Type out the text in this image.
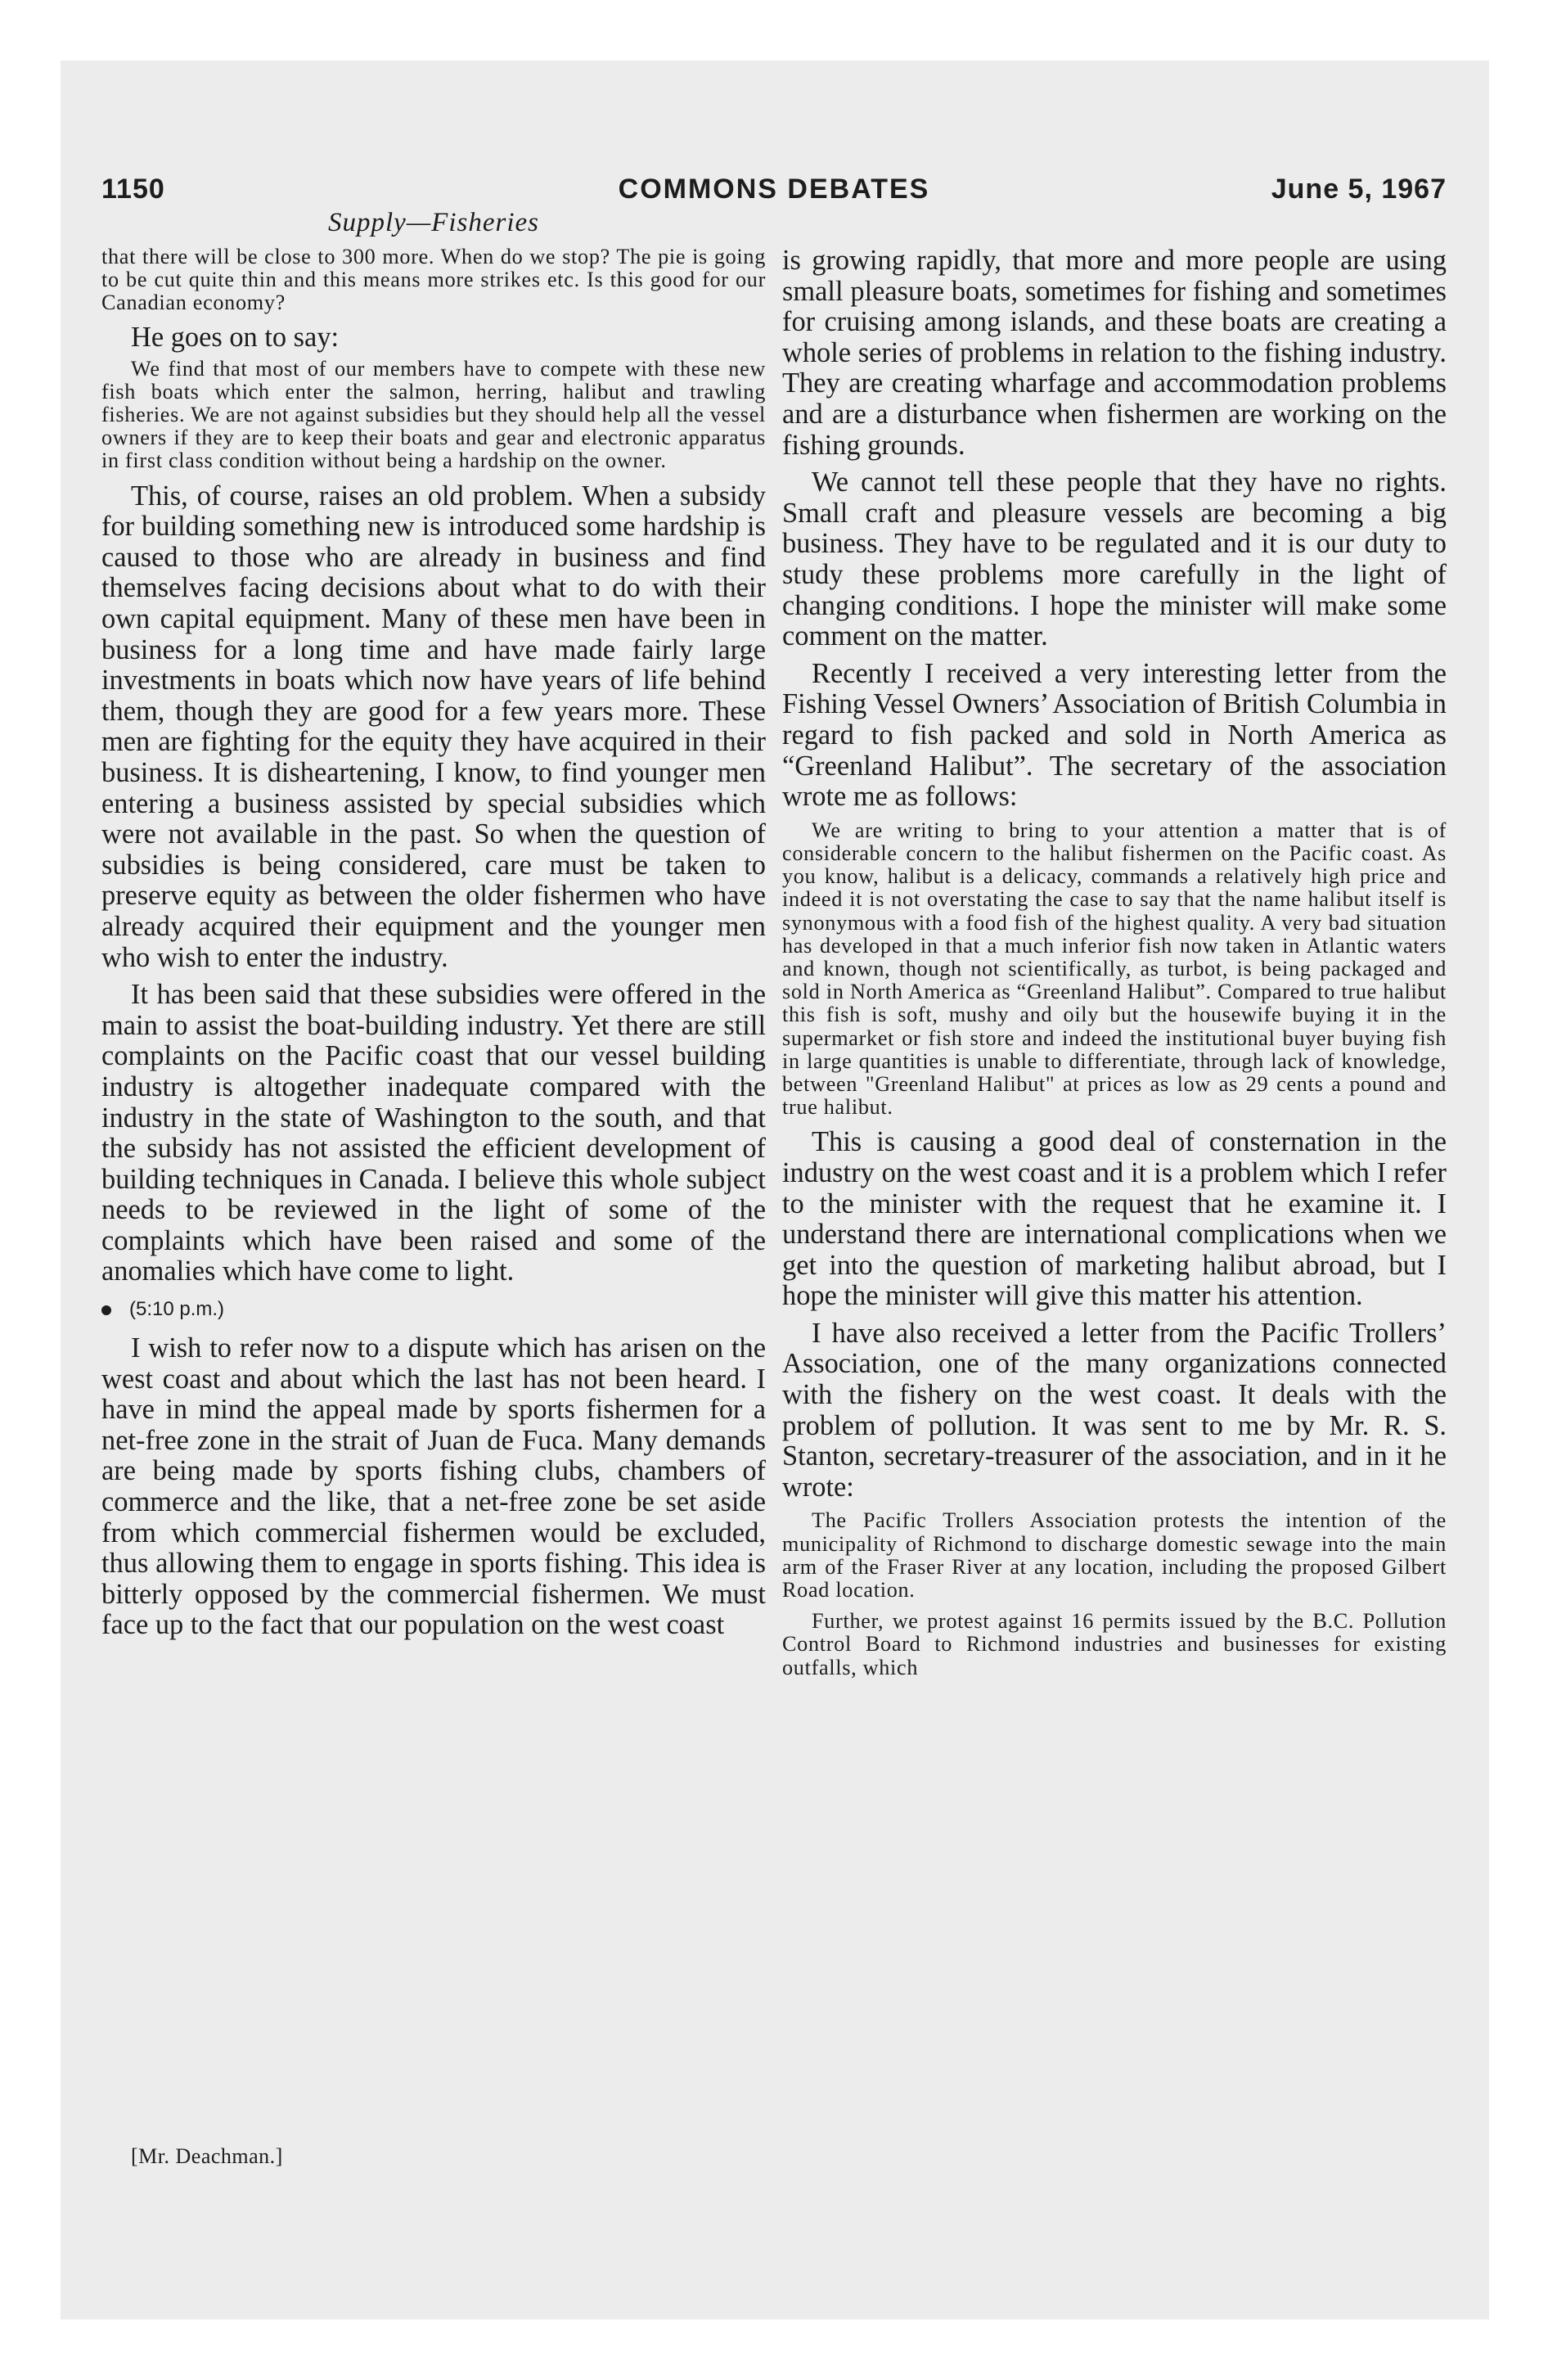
1150	COMMONS DEBATES	June 5, 1967
Supply—Fisheries

that there will be close to 300 more. When do we stop? The pie is going to be cut quite thin and this means more strikes etc. Is this good for our Canadian economy?

He goes on to say:

We find that most of our members have to compete with these new fish boats which enter the salmon, herring, halibut and trawling fisheries. We are not against subsidies but they should help all the vessel owners if they are to keep their boats and gear and electronic apparatus in first class condition without being a hardship on the owner.

This, of course, raises an old problem. When a subsidy for building something new is introduced some hardship is caused to those who are already in business and find themselves facing decisions about what to do with their own capital equipment. Many of these men have been in business for a long time and have made fairly large investments in boats which now have years of life behind them, though they are good for a few years more. These men are fighting for the equity they have acquired in their business. It is disheartening, I know, to find younger men entering a business assisted by special subsidies which were not available in the past. So when the question of subsidies is being considered, care must be taken to preserve equity as between the older fishermen who have already acquired their equipment and the younger men who wish to enter the industry.

It has been said that these subsidies were offered in the main to assist the boat-building industry. Yet there are still complaints on the Pacific coast that our vessel building industry is altogether inadequate compared with the industry in the state of Washington to the south, and that the subsidy has not assisted the efficient development of building techniques in Canada. I believe this whole subject needs to be reviewed in the light of some of the complaints which have been raised and some of the anomalies which have come to light.

(5:10 p.m.)

I wish to refer now to a dispute which has arisen on the west coast and about which the last has not been heard. I have in mind the appeal made by sports fishermen for a net-free zone in the strait of Juan de Fuca. Many demands are being made by sports fishing clubs, chambers of commerce and the like, that a net-free zone be set aside from which commercial fishermen would be excluded, thus allowing them to engage in sports fishing. This idea is bitterly opposed by the commercial fishermen. We must face up to the fact that our population on the west coast

[Mr. Deachman.]

is growing rapidly, that more and more people are using small pleasure boats, sometimes for fishing and sometimes for cruising among islands, and these boats are creating a whole series of problems in relation to the fishing industry. They are creating wharfage and accommodation problems and are a disturbance when fishermen are working on the fishing grounds.

We cannot tell these people that they have no rights. Small craft and pleasure vessels are becoming a big business. They have to be regulated and it is our duty to study these problems more carefully in the light of changing conditions. I hope the minister will make some comment on the matter.

Recently I received a very interesting letter from the Fishing Vessel Owners’ Association of British Columbia in regard to fish packed and sold in North America as “Greenland Halibut”. The secretary of the association wrote me as follows:

We are writing to bring to your attention a matter that is of considerable concern to the halibut fishermen on the Pacific coast. As you know, halibut is a delicacy, commands a relatively high price and indeed it is not overstating the case to say that the name halibut itself is synonymous with a food fish of the highest quality. A very bad situation has developed in that a much inferior fish now taken in Atlantic waters and known, though not scientifically, as turbot, is being packaged and sold in North America as “Greenland Halibut”. Compared to true halibut this fish is soft, mushy and oily but the housewife buying it in the supermarket or fish store and indeed the institutional buyer buying fish in large quantities is unable to differentiate, through lack of knowledge, between "Greenland Halibut" at prices as low as 29 cents a pound and true halibut.

This is causing a good deal of consternation in the industry on the west coast and it is a problem which I refer to the minister with the request that he examine it. I understand there are international complications when we get into the question of marketing halibut abroad, but I hope the minister will give this matter his attention.

I have also received a letter from the Pacific Trollers’ Association, one of the many organizations connected with the fishery on the west coast. It deals with the problem of pollution. It was sent to me by Mr. R. S. Stanton, secretary-treasurer of the association, and in it he wrote:

The Pacific Trollers Association protests the intention of the municipality of Richmond to discharge domestic sewage into the main arm of the Fraser River at any location, including the proposed Gilbert Road location.

Further, we protest against 16 permits issued by the B.C. Pollution Control Board to Richmond industries and businesses for existing outfalls, which
